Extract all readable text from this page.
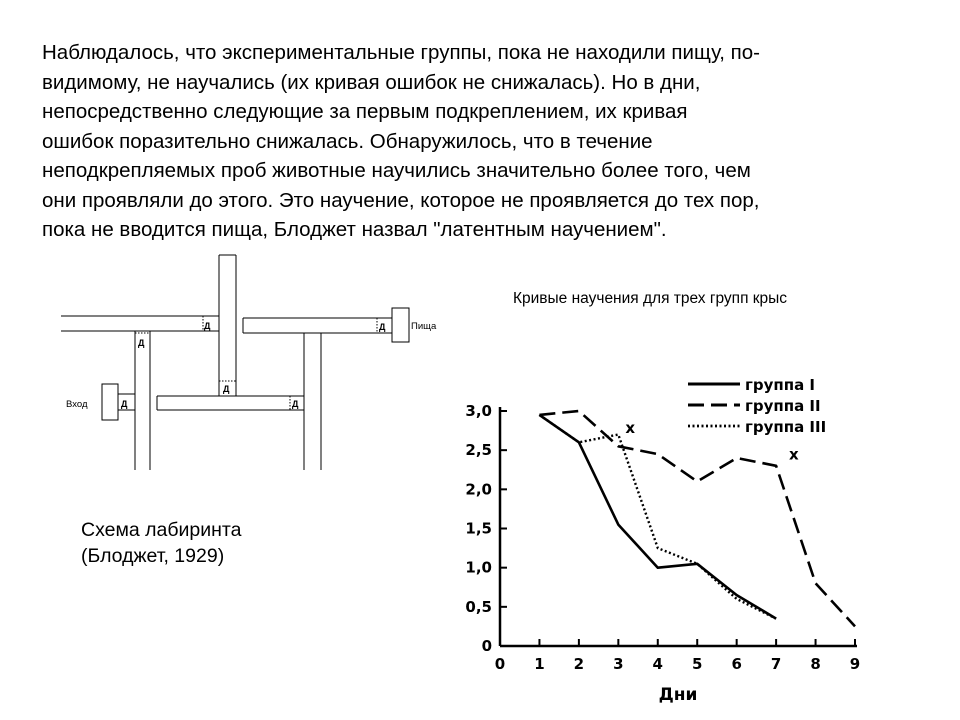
Наблюдалось, что экспериментальные группы, пока не находили пищу, по-
видимому, не научались (их кривая ошибок не снижалась). Но в дни,
непосредственно следующие за первым подкреплением, их кривая
ошибок поразительно снижалась. Обнаружилось, что в течение
неподкрепляемых проб животные научились значительно более того, чем
они проявляли до этого. Это научение, которое не проявляется до тех пор,
пока не вводится пища, Блоджет назвал "латентным научением".

Д
Д
Д
Д
Д
Д
Вход
Пища
Схема лабиринта
(Блоджет, 1929)
Кривые научения для трех групп крыс
0 1 2 3 4 5 6 7 8 9
0
0,5
1,0
1,5
2,0
2,5
3,0
группа I
группа II
группа III
x
x
Дни
